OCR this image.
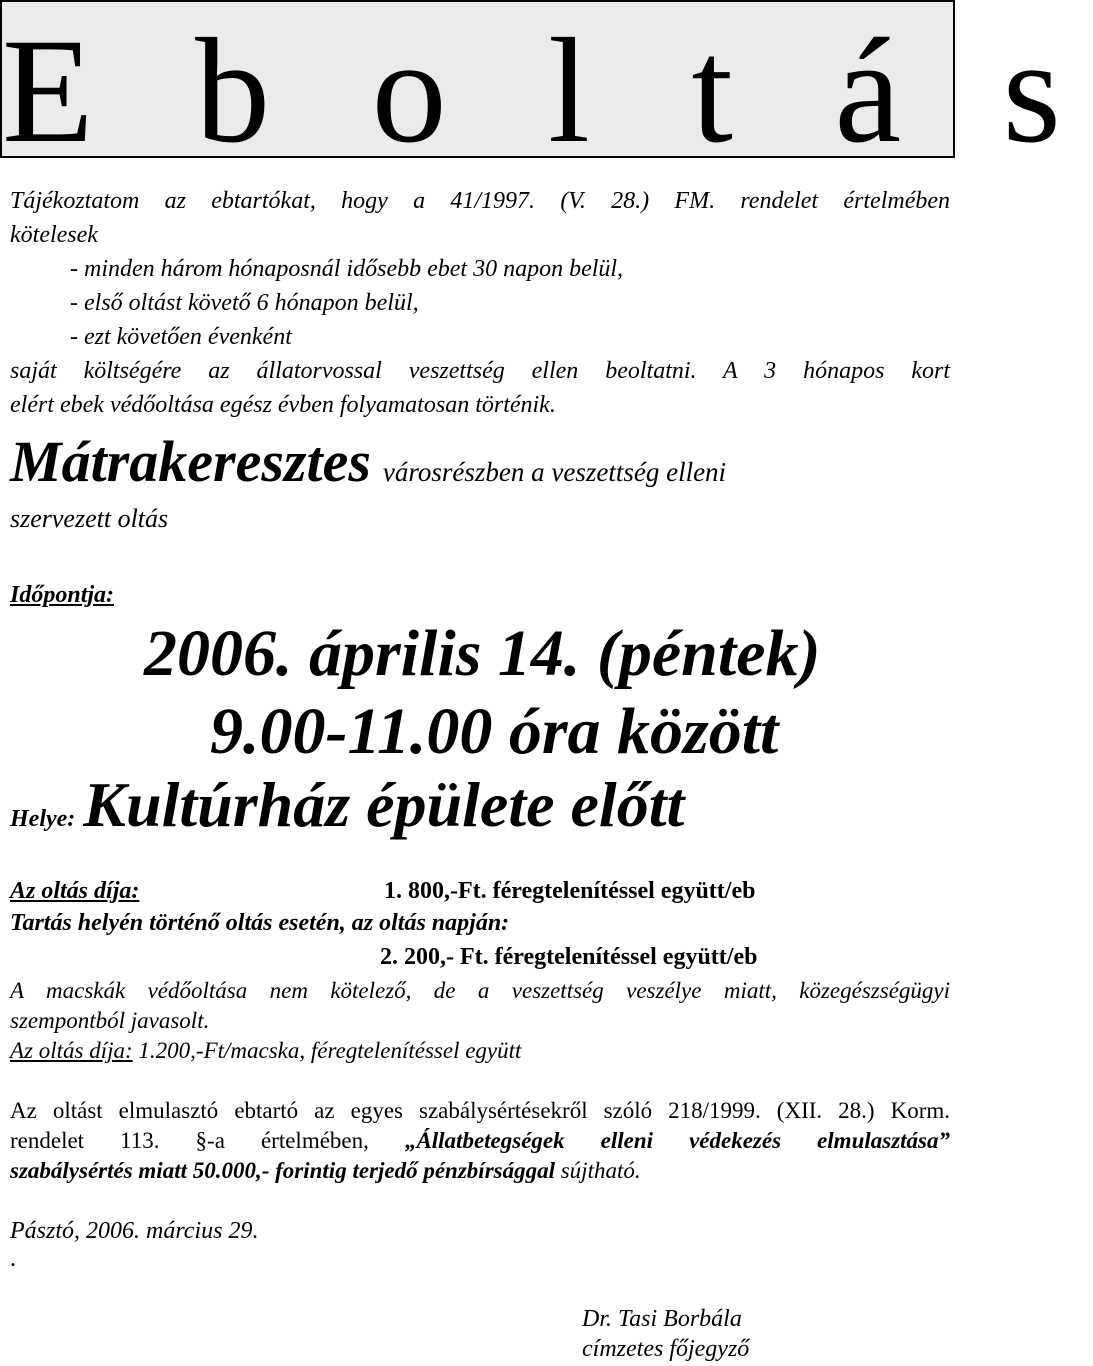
E b o l t á s
Tájékoztatom az ebtartókat, hogy a 41/1997. (V. 28.) FM. rendelet értelmében
kötelesek
- minden három hónaposnál idősebb ebet 30 napon belül,
- első oltást követő 6 hónapon belül,
- ezt követően évenként
saját költségére az állatorvossal veszettség ellen beoltatni. A 3 hónapos kort
elért ebek védőoltása egész évben folyamatosan történik.
Mátrakeresztes városrészben a veszettség elleni
szervezett oltás
Időpontja:
2006. április 14. (péntek)
9.00-11.00 óra között
Helye: Kultúrház épülete előtt
Az oltás díja:	1. 800,-Ft. féregtelenítéssel együtt/eb
Tartás helyén történő oltás esetén, az oltás napján:
2. 200,- Ft. féregtelenítéssel együtt/eb
A macskák védőoltása nem kötelező, de a veszettség veszélye miatt, közegészségügyi
szempontból javasolt.
Az oltás díja: 1.200,-Ft/macska, féregtelenítéssel együtt
Az oltást elmulasztó ebtartó az egyes szabálysértésekről szóló 218/1999. (XII. 28.) Korm.
rendelet 113. §-a értelmében, „Állatbetegségek elleni védekezés elmulasztása”
szabálysértés miatt 50.000,- forintig terjedő pénzbírsággal sújtható.
Pásztó, 2006. március 29.
.
Dr. Tasi Borbála
címzetes főjegyző
